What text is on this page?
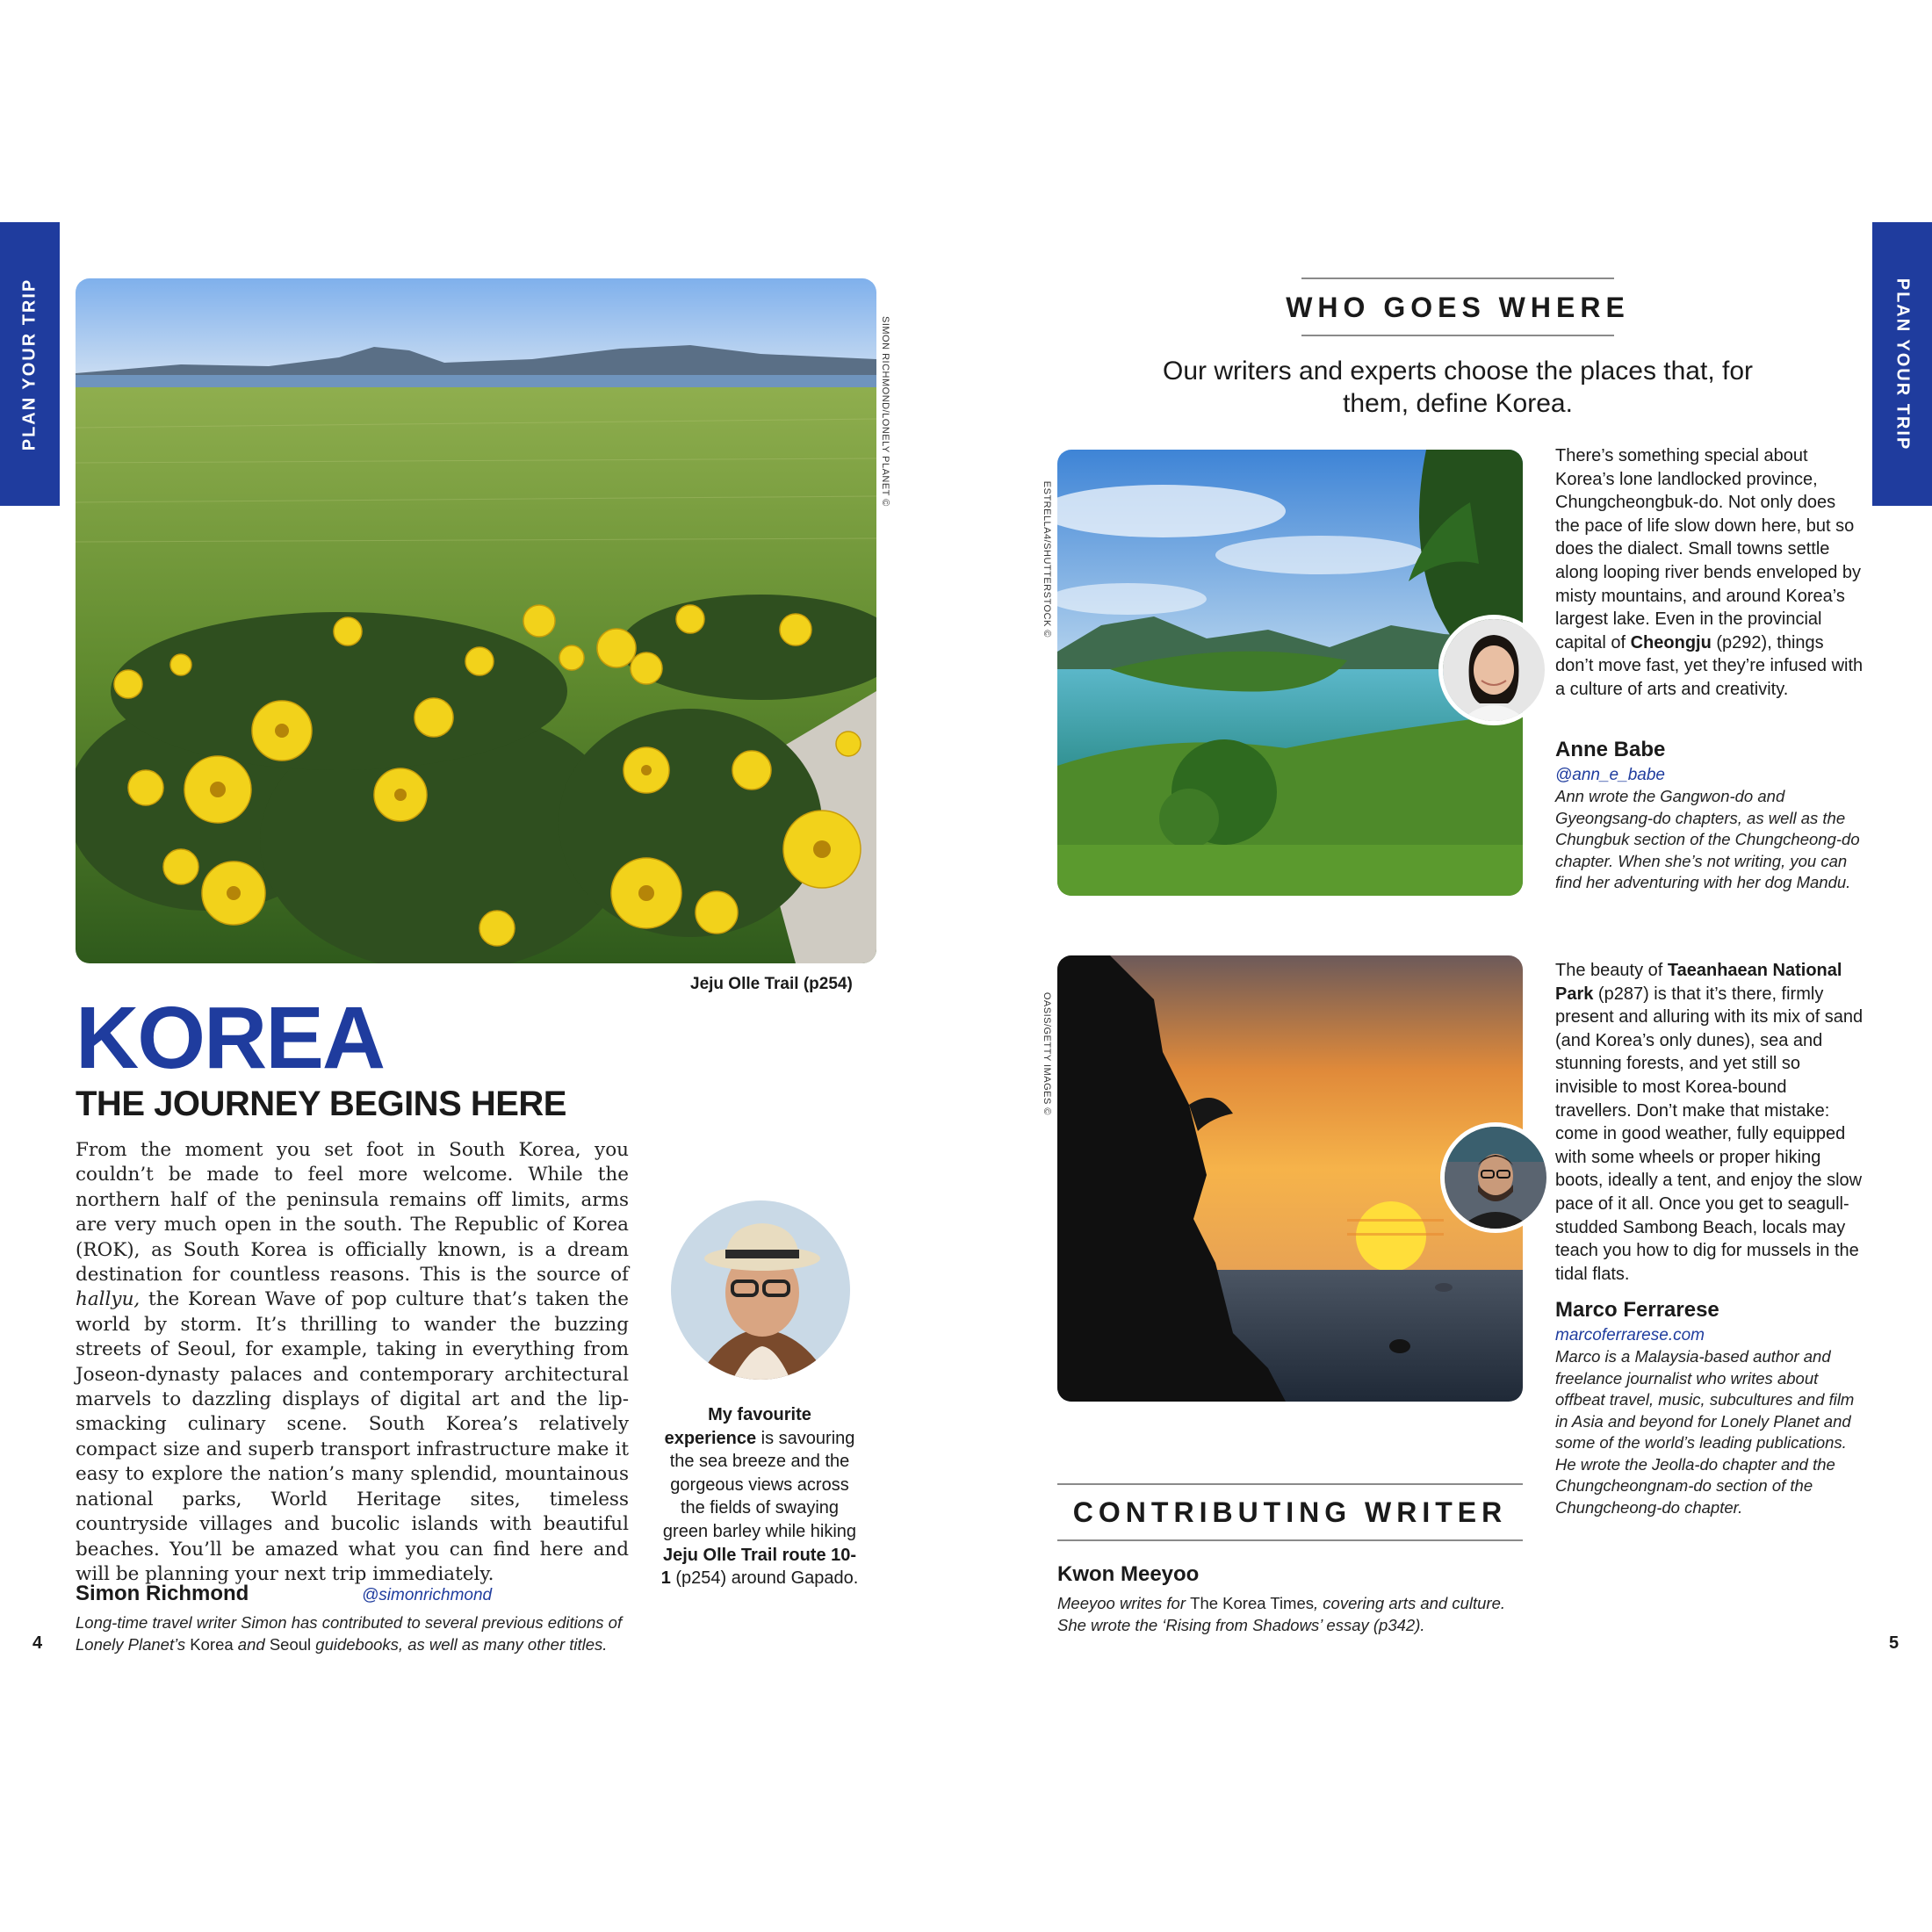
PLAN YOUR TRIP	PLAN YOUR TRIP
SIMON RICHMOND/LONELY PLANET ©
Jeju Olle Trail (p254)
KOREA
THE JOURNEY BEGINS HERE

From the moment you set foot in South Korea, you couldn’t be made to feel more welcome. While the northern half of the peninsula remains off limits, arms are very much open in the south. The Republic of Korea (ROK), as South Korea is officially known, is a dream destination for countless reasons. This is the source of hallyu, the Korean Wave of pop culture that’s taken the world by storm. It’s thrilling to wander the buzzing streets of Seoul, for example, taking in everything from Joseon-dynasty palaces and contemporary architectural marvels to dazzling displays of digital art and the lip-smacking culinary scene. South Korea’s relatively compact size and superb transport infrastructure make it easy to explore the nation’s many splendid, mountainous national parks, World Heritage sites, timeless countryside villages and bucolic islands with beautiful beaches. You’ll be amazed what you can find here and will be planning your next trip immediately.

My favourite experience is savouring the sea breeze and the gorgeous views across the fields of swaying green barley while hiking Jeju Olle Trail route 10-1 (p254) around Gapado.
Simon Richmond	@simonrichmond

Long-time travel writer Simon has contributed to several previous editions of Lonely Planet’s Korea and Seoul guidebooks, as well as many other titles.

4
WHO GOES WHERE
Our writers and experts choose the places that, for them, define Korea.
ESTRELLA4/SHUTTERSTOCK ©

There’s something special about Korea’s lone landlocked province, Chungcheongbuk-do. Not only does the pace of life slow down here, but so does the dialect. Small towns settle along looping river bends enveloped by misty mountains, and around Korea’s largest lake. Even in the provincial capital of Cheongju (p292), things don’t move fast, yet they’re infused with a culture of arts and creativity.

Anne Babe
@ann_e_babe

Ann wrote the Gangwon-do and Gyeongsang-do chapters, as well as the Chungbuk section of the Chungcheong-do chapter. When she’s not writing, you can find her adventuring with her dog Mandu.

OASIS/GETTY IMAGES ©

The beauty of Taeanhaean National Park (p287) is that it’s there, firmly present and alluring with its mix of sand (and Korea’s only dunes), sea and stunning forests, and yet still so invisible to most Korea-bound travellers. Don’t make that mistake: come in good weather, fully equipped with some wheels or proper hiking boots, ideally a tent, and enjoy the slow pace of it all. Once you get to seagull-studded Sambong Beach, locals may teach you how to dig for mussels in the tidal flats.

Marco Ferrarese
marcoferrarese.com

Marco is a Malaysia-based author and freelance journalist who writes about offbeat travel, music, subcultures and film in Asia and beyond for Lonely Planet and some of the world’s leading publications. He wrote the Jeolla-do chapter and the Chungcheongnam-do section of the Chungcheong-do chapter.

CONTRIBUTING WRITER
Kwon Meeyoo

Meeyoo writes for The Korea Times, covering arts and culture. She wrote the ‘Rising from Shadows’ essay (p342).

5
